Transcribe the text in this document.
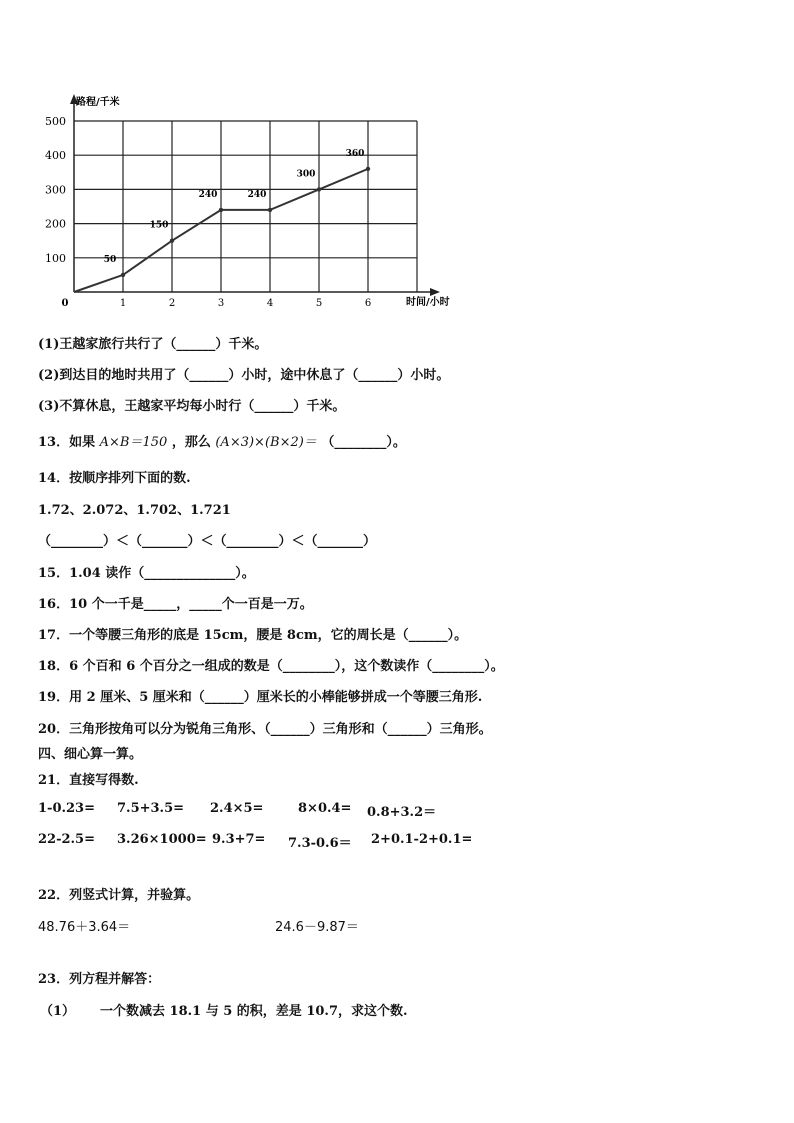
100
200
300
400
500
0	1	2	3	4	5	6
50
150
240	240
300
360
路程/千米
时间/小时
(1)王越家旅行共行了（______）千米。
(2)到达目的地时共用了（______）小时，途中休息了（______）小时。
(3)不算休息，王越家平均每小时行（______）千米。
13．如果 A×B＝150 ，那么 (A×3)×(B×2)＝ （________）。
14．按顺序排列下面的数.
1.72、2.072、1.702、1.721
（________）＜（_______）＜（________）＜（_______）
15．1.04 读作（______________）。
16．10 个一千是_____，_____个一百是一万。
17．一个等腰三角形的底是 15cm，腰是 8cm，它的周长是（______）。
18．6 个百和 6 个百分之一组成的数是（________），这个数读作（________）。
19．用 2 厘米、5 厘米和（______）厘米长的小棒能够拼成一个等腰三角形.
20．三角形按角可以分为锐角三角形、（______）三角形和（______）三角形。
四、细心算一算。
21．直接写得数.
1-0.23= 7.5+3.5= 2.4×5=	8×0.4= 0.8+3.2＝
22-2.5= 3.26×1000= 9.3+7= 7.3-0.6＝ 2+0.1-2+0.1=
22．列竖式计算，并验算。
48.76＋3.64＝	24.6－9.87＝
23．列方程并解答：
（1） 一个数减去 18.1 与 5 的积，差是 10.7，求这个数.
